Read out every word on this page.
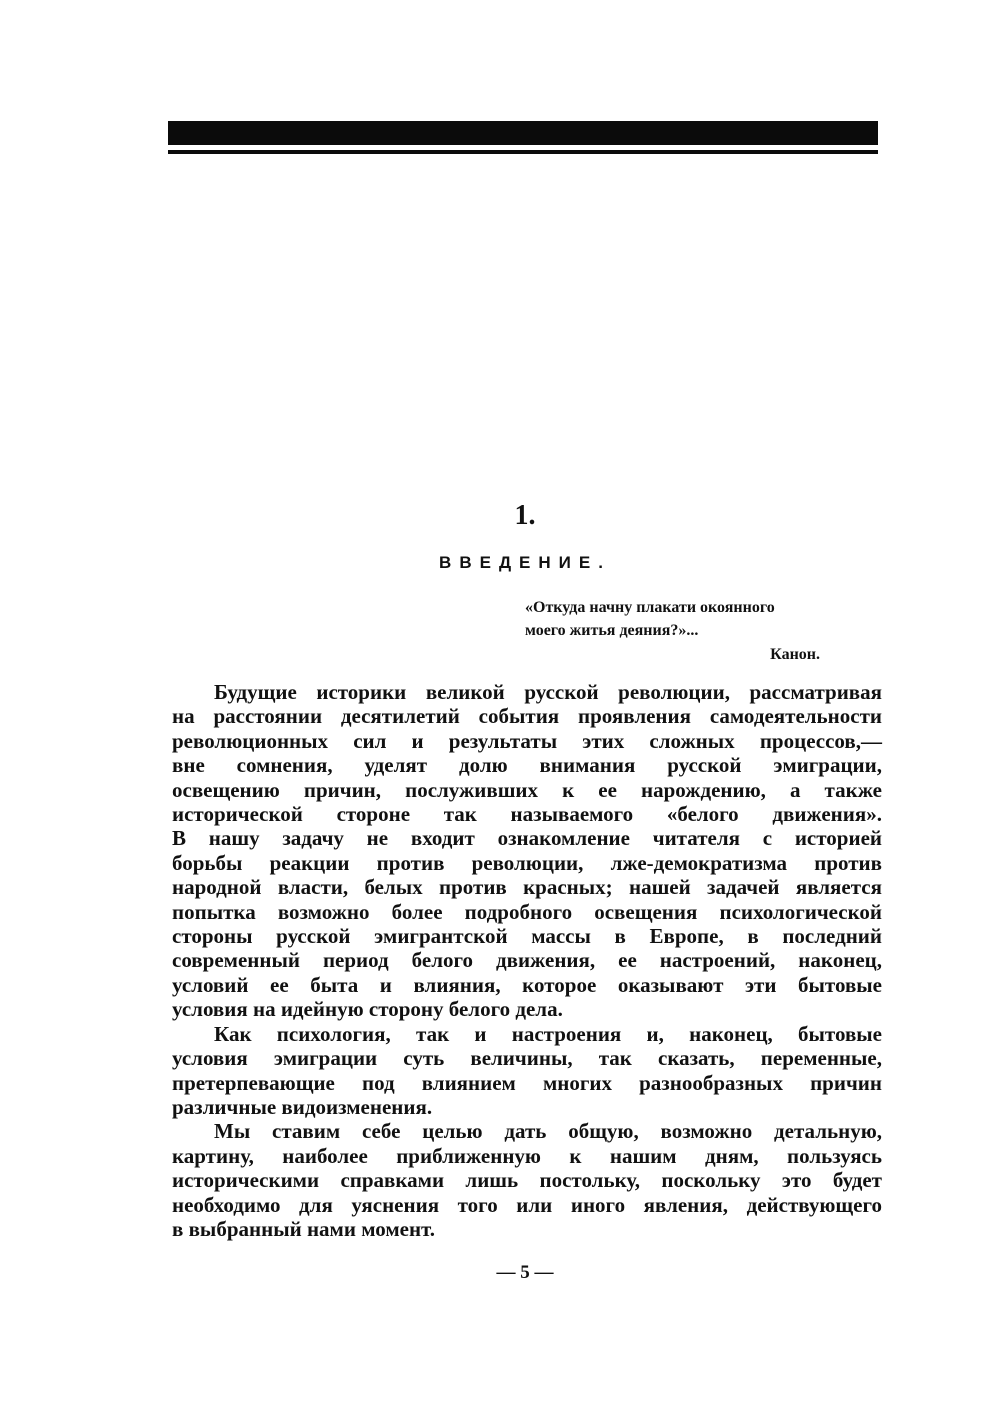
1.
ВВЕДЕНИЕ.
«Откуда начну плакати окоянного
моего житья деяния?»...
Канон.
Будущие историки великой русской революции, рассматривая
на расстоянии десятилетий события проявления самодеятельности
революционных сил и результаты этих сложных процессов,—
вне сомнения, уделят долю внимания русской эмиграции,
освещению причин, послуживших к ее нарождению, а также
исторической стороне так называемого «белого движения».
В нашу задачу не входит ознакомление читателя с историей
борьбы реакции против революции, лже-демократизма против
народной власти, белых против красных; нашей задачей является
попытка возможно более подробного освещения психологической
стороны русской эмигрантской массы в Европе, в последний
современный период белого движения, ее настроений, наконец,
условий ее быта и влияния, которое оказывают эти бытовые
условия на идейную сторону белого дела.
Как психология, так и настроения и, наконец, бытовые
условия эмиграции суть величины, так сказать, переменные,
претерпевающие под влиянием многих разнообразных причин
различные видоизменения.
Мы ставим себе целью дать общую, возможно детальную,
картину, наиболее приближенную к нашим дням, пользуясь
историческими справками лишь постольку, поскольку это будет
необходимо для уяснения того или иного явления, действующего
в выбранный нами момент.
— 5 —
